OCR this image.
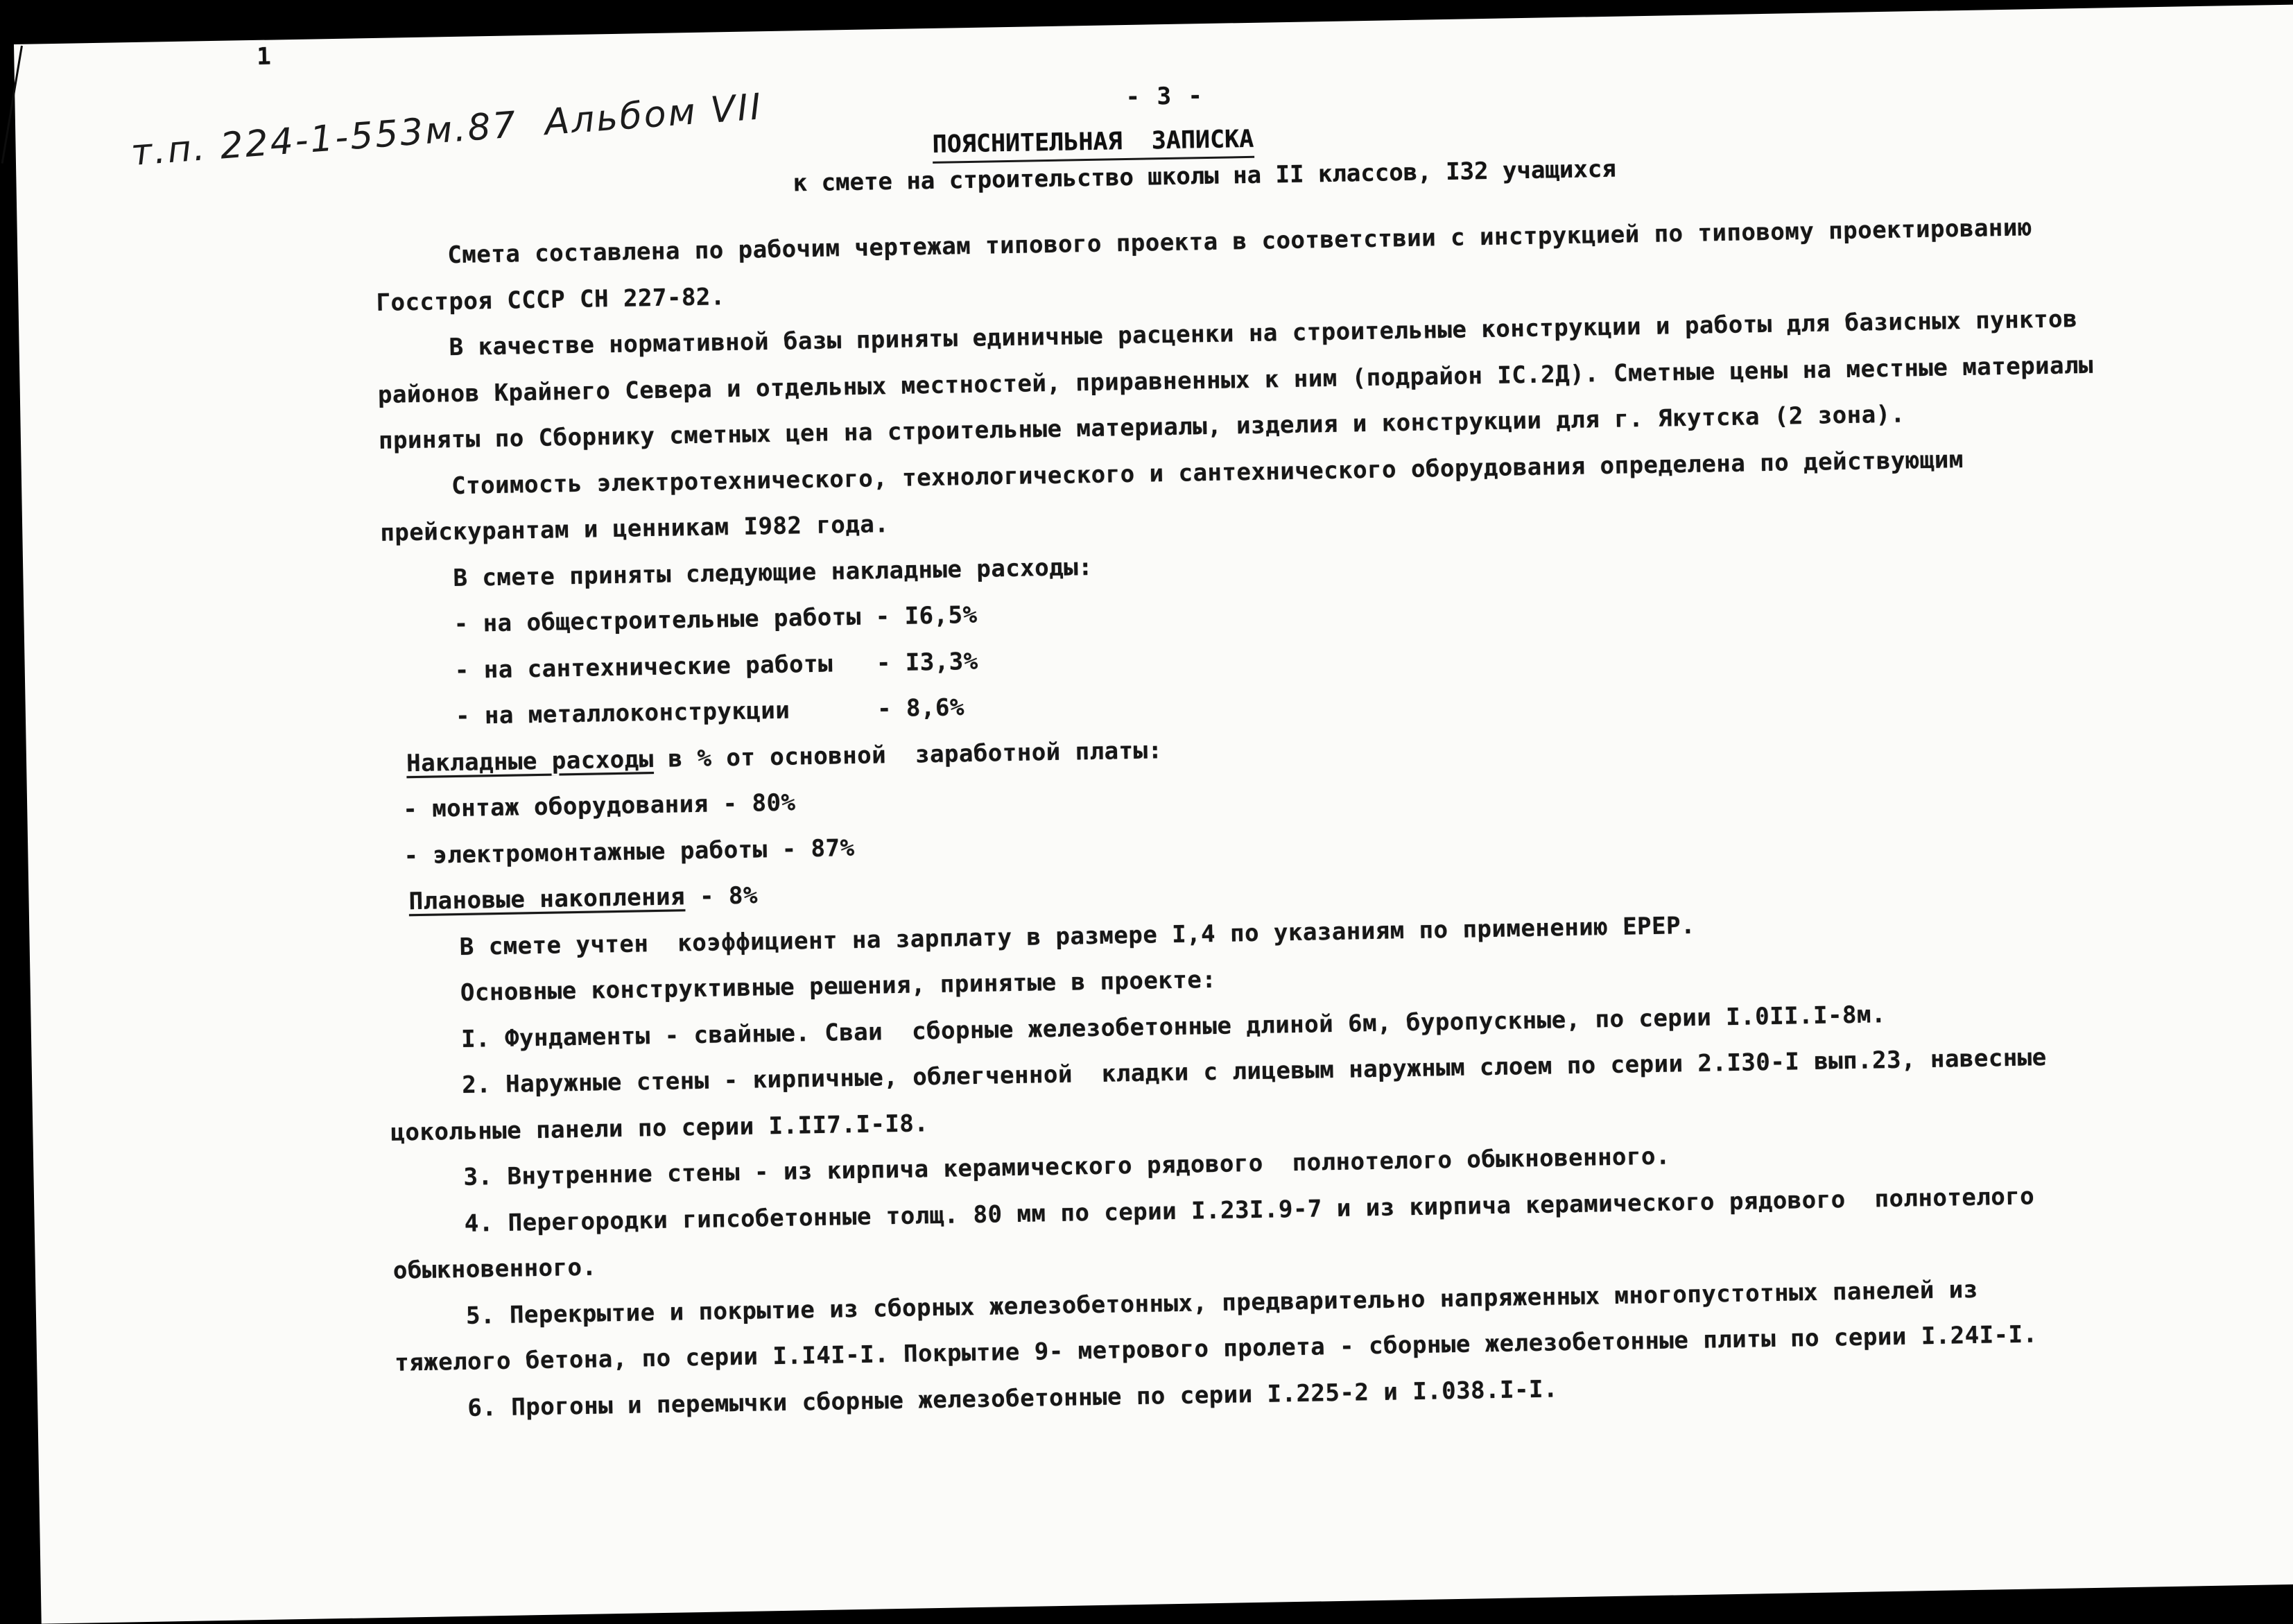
1
т.п. 224-1-553м.87  Альбом VII	- 3 -
ПОЯСНИТЕЛЬНАЯ  ЗАПИСКА
к смете на строительство школы на II классов, I32 учащихся
Смета составлена по рабочим чертежам типового проекта в соответствии с инструкцией по типовому проектированию
Госстроя СССР СН 227-82.
В качестве нормативной базы приняты единичные расценки на строительные конструкции и работы для базисных пунктов
районов Крайнего Севера и отдельных местностей, приравненных к ним (подрайон IС.2Д). Сметные цены на местные материалы
приняты по Сборнику сметных цен на строительные материалы, изделия и конструкции для г. Якутска (2 зона).
Стоимость электротехнического, технологического и сантехнического оборудования определена по действующим
прейскурантам и ценникам I982 года.
В смете приняты следующие накладные расходы:
- на общестроительные работы - I6,5%
- на сантехнические работы   - I3,3%
- на металлоконструкции      - 8,6%
Накладные расходы в % от основной  заработной платы:
- монтаж оборудования - 80%
- электромонтажные работы - 87%
Плановые накопления - 8%
В смете учтен  коэффициент на зарплату в размере I,4 по указаниям по применению ЕРЕР.
Основные конструктивные решения, принятые в проекте:
I. Фундаменты - свайные. Сваи  сборные железобетонные длиной 6м, буропускные, по серии I.0II.I-8м.
2. Наружные стены - кирпичные, облегченной  кладки с лицевым наружным слоем по серии 2.I30-I вып.23, навесные
цокольные панели по серии I.II7.I-I8.
3. Внутренние стены - из кирпича керамического рядового  полнотелого обыкновенного.
4. Перегородки гипсобетонные толщ. 80 мм по серии I.23I.9-7 и из кирпича керамического рядового  полнотелого
обыкновенного.
5. Перекрытие и покрытие из сборных железобетонных, предварительно напряженных многопустотных панелей из
тяжелого бетона, по серии I.I4I-I. Покрытие 9- метрового пролета - сборные железобетонные плиты по серии I.24I-I.
6. Прогоны и перемычки сборные железобетонные по серии I.225-2 и I.038.I-I.
